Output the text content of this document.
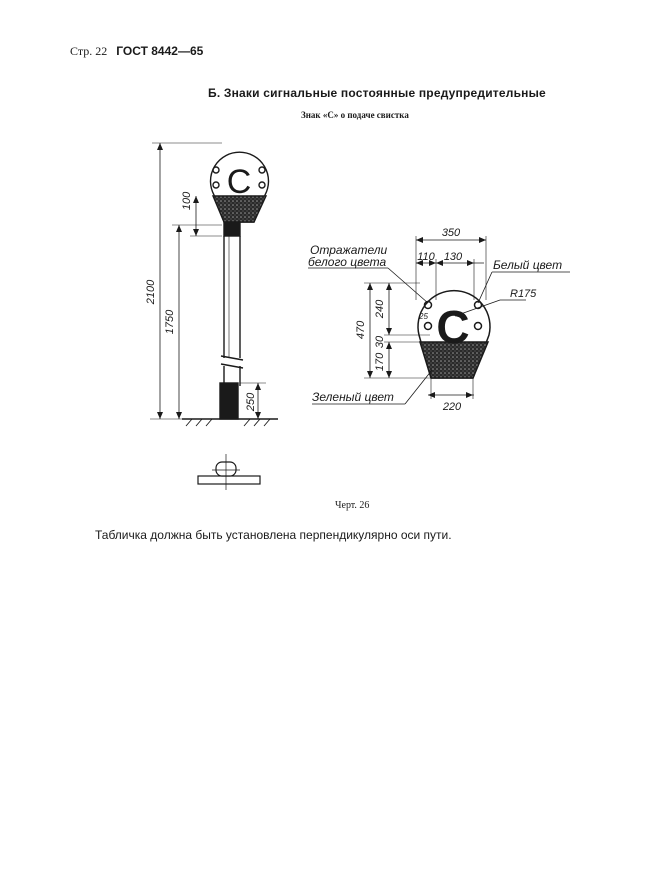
Стр. 22 ГОСТ 8442—65
Б. Знаки сигнальные постоянные предупредительные
Знак «С» о подаче свистка
С
2100
1750
100
250
С
350
110 130
R175
220
25
470
240
30
170
Отражатели
белого цвета	Белый цвет
Зеленый цвет
Черт. 26
Табличка должна быть установлена перпендикулярно оси пути.
